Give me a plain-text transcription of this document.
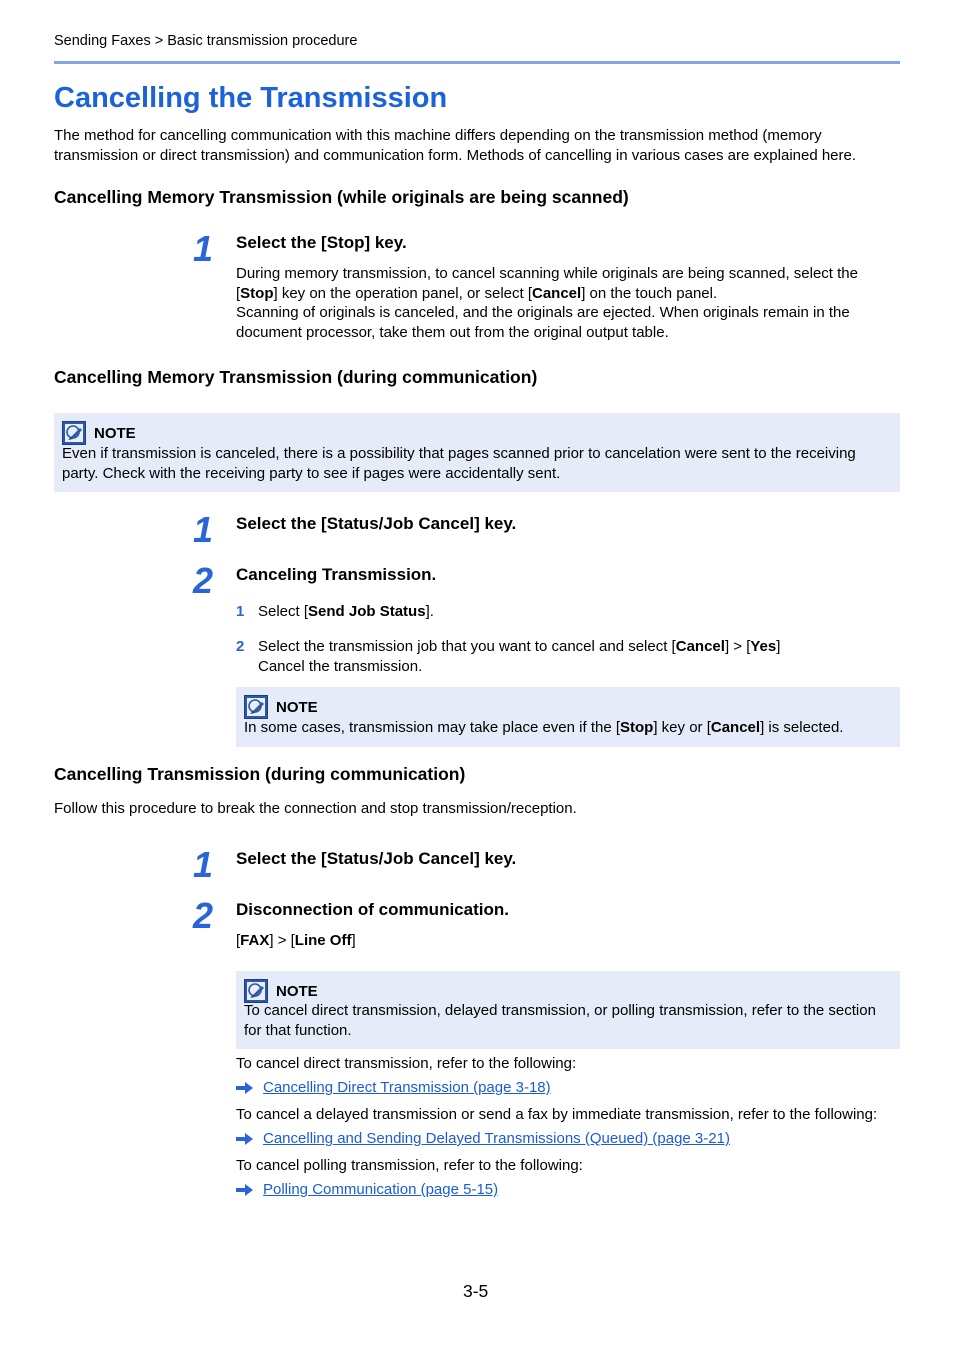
Sending Faxes > Basic transmission procedure
Cancelling the Transmission
The method for cancelling communication with this machine differs depending on the transmission method (memory transmission or direct transmission) and communication form. Methods of cancelling in various cases are explained here.
Cancelling Memory Transmission (while originals are being scanned)
1 Select the [Stop] key.
During memory transmission, to cancel scanning while originals are being scanned, select the [Stop] key on the operation panel, or select [Cancel] on the touch panel.
Scanning of originals is canceled, and the originals are ejected. When originals remain in the document processor, take them out from the original output table.
Cancelling Memory Transmission (during communication)
NOTE
Even if transmission is canceled, there is a possibility that pages scanned prior to cancelation were sent to the receiving party. Check with the receiving party to see if pages were accidentally sent.
1 Select the [Status/Job Cancel] key.
2 Canceling Transmission.
1 Select [Send Job Status].
2 Select the transmission job that you want to cancel and select [Cancel] > [Yes]
Cancel the transmission.
NOTE
In some cases, transmission may take place even if the [Stop] key or [Cancel] is selected.
Cancelling Transmission (during communication)
Follow this procedure to break the connection and stop transmission/reception.
1 Select the [Status/Job Cancel] key.
2 Disconnection of communication.
[FAX] > [Line Off]
NOTE
To cancel direct transmission, delayed transmission, or polling transmission, refer to the section for that function.
To cancel direct transmission, refer to the following:
Cancelling Direct Transmission (page 3-18)
To cancel a delayed transmission or send a fax by immediate transmission, refer to the following:
Cancelling and Sending Delayed Transmissions (Queued) (page 3-21)
To cancel polling transmission, refer to the following:
Polling Communication (page 5-15)
3-5
